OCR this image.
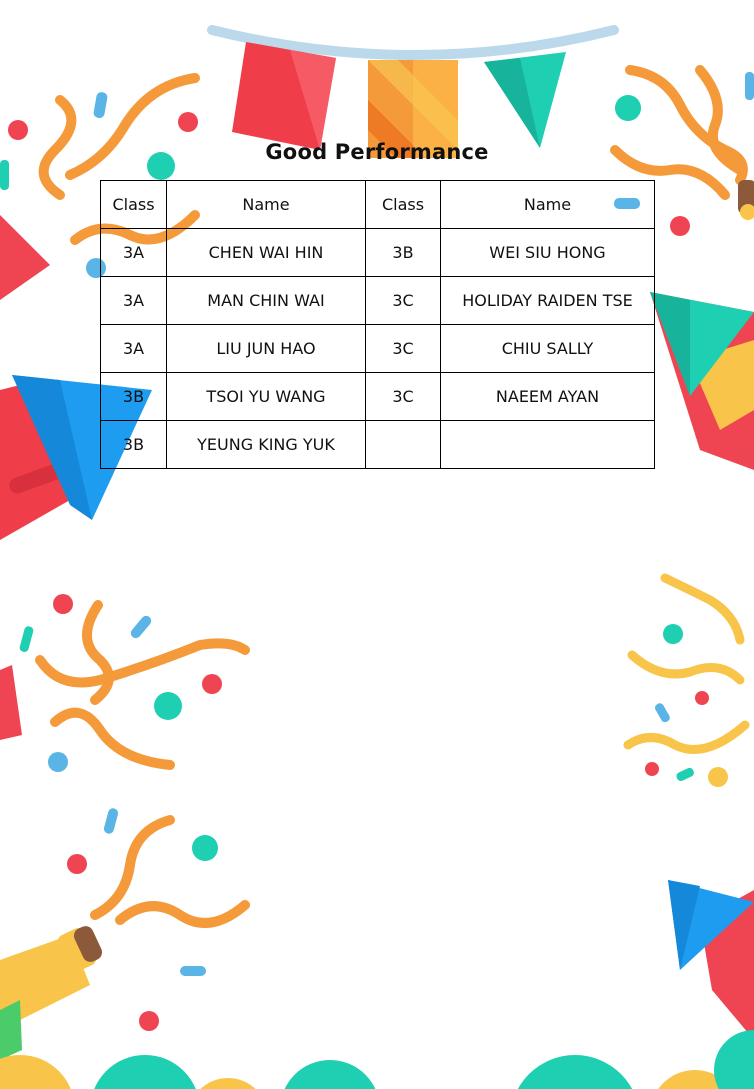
Good Performance
Class	Name	Class	Name
3A	CHEN WAI HIN	3B	WEI SIU HONG
3A	MAN CHIN WAI	3C	HOLIDAY RAIDEN TSE
3A	LIU JUN HAO	3C	CHIU SALLY
3B	TSOI YU WANG	3C	NAEEM AYAN
3B	YEUNG KING YUK		
